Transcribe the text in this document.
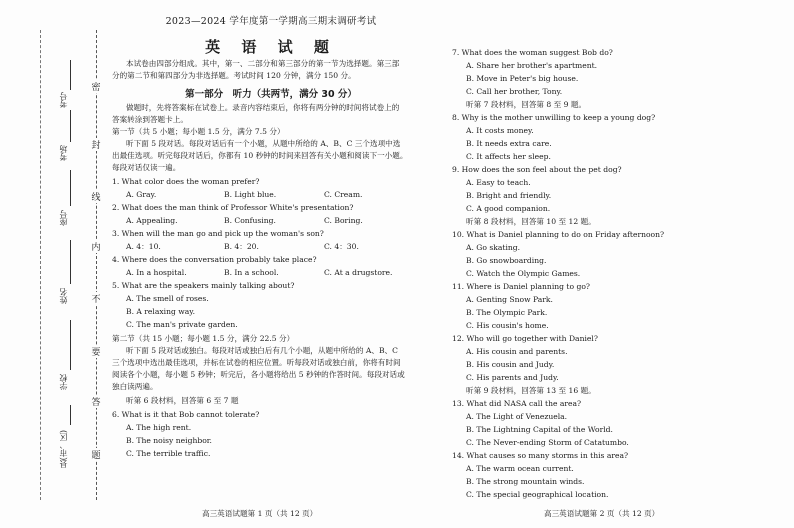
密
封
线
内
不
要
答
题
考号
考场
座号
姓名
学校
县(市、区)
2023—2024 学年度第一学期高三期末调研考试
英 语 试 题
本试卷由四部分组成。其中，第一、二部分和第三部分的第一节为选择题。第三部
分的第二节和第四部分为非选择题。考试时间 120 分钟，满分 150 分。
第一部分　听力（共两节，满分 30 分）
做题时，先将答案标在试卷上。录音内容结束后，你将有两分钟的时间将试卷上的
答案转涂到答题卡上。
第一节（共 5 小题；每小题 1.5 分，满分 7.5 分）
听下面 5 段对话。每段对话后有一个小题，从题中所给的 A、B、C 三个选项中选
出最佳选项。听完每段对话后，你都有 10 秒钟的时间来回答有关小题和阅读下一小题。
每段对话仅读一遍。
1. What color does the woman prefer?
A. Gray.	B. Light blue.	C. Cream.
2. What does the man think of Professor White's presentation?
A. Appealing.	B. Confusing.	C. Boring.
3. When will the man go and pick up the woman's son?
A. 4：10.	B. 4：20.	C. 4：30.
4. Where does the conversation probably take place?
A. In a hospital.	B. In a school.	C. At a drugstore.
5. What are the speakers mainly talking about?
A. The smell of roses.
B. A relaxing way.
C. The man's private garden.
第二节（共 15 小题；每小题 1.5 分，满分 22.5 分）
听下面 5 段对话或独白。每段对话或独白后有几个小题，从题中所给的 A、B、C
三个选项中选出最佳选项，并标在试卷的相应位置。听每段对话或独白前，你将有时间
阅读各个小题，每小题 5 秒钟；听完后，各小题将给出 5 秒钟的作答时间。每段对话或
独白读两遍。
听第 6 段材料，回答第 6 至 7 题
6. What is it that Bob cannot tolerate?
A. The high rent.
B. The noisy neighbor.
C. The terrible traffic.
高三英语试题第 1 页（共 12 页）
7. What does the woman suggest Bob do?
A. Share her brother's apartment.
B. Move in Peter's big house.
C. Call her brother, Tony.
听第 7 段材料，回答第 8 至 9 题。
8. Why is the mother unwilling to keep a young dog?
A. It costs money.
B. It needs extra care.
C. It affects her sleep.
9. How does the son feel about the pet dog?
A. Easy to teach.
B. Bright and friendly.
C. A good companion.
听第 8 段材料，回答第 10 至 12 题。
10. What is Daniel planning to do on Friday afternoon?
A. Go skating.
B. Go snowboarding.
C. Watch the Olympic Games.
11. Where is Daniel planning to go?
A. Genting Snow Park.
B. The Olympic Park.
C. His cousin's home.
12. Who will go together with Daniel?
A. His cousin and parents.
B. His cousin and Judy.
C. His parents and Judy.
听第 9 段材料，回答第 13 至 16 题。
13. What did NASA call the area?
A. The Light of Venezuela.
B. The Lightning Capital of the World.
C. The Never-ending Storm of Catatumbo.
14. What causes so many storms in this area?
A. The warm ocean current.
B. The strong mountain winds.
C. The special geographical location.
高三英语试题第 2 页（共 12 页）
